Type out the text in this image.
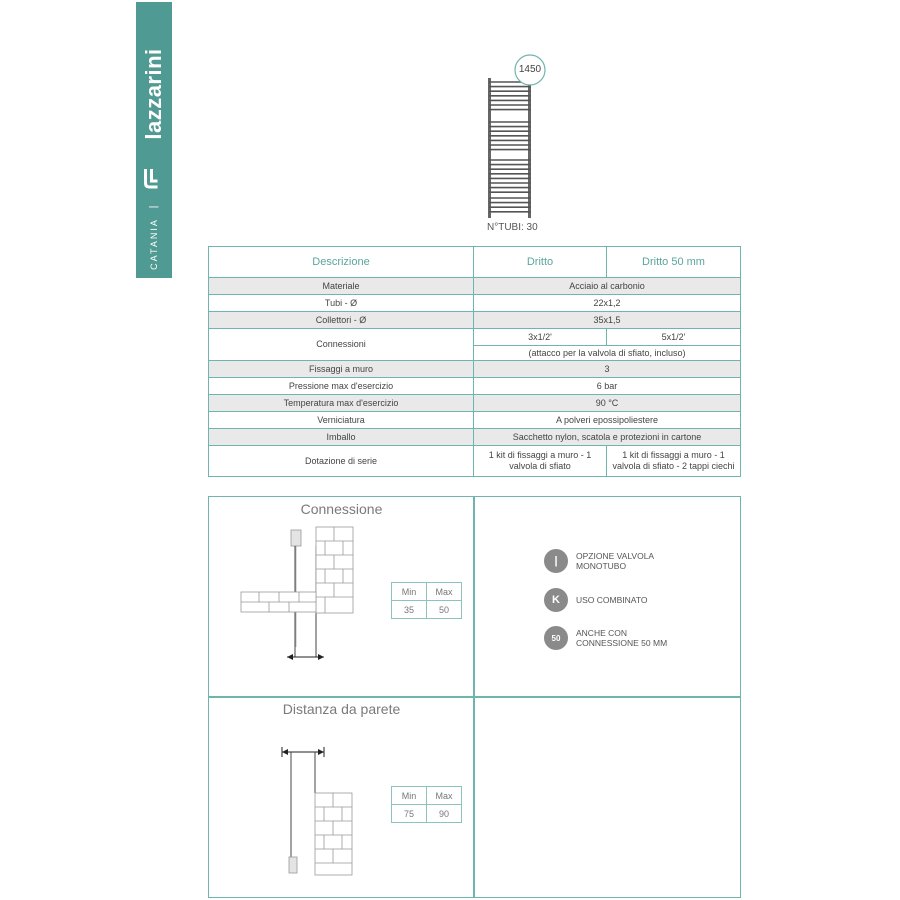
lazzarini
|
CATANIA
1450
N°TUBI: 30
Descrizione	Dritto	Dritto 50 mm
Materiale	Acciaio al carbonio	
Tubi - Ø	22x1,2	
Collettori - Ø	35x1,5	
Connessioni	3x1/2'	5x1/2'
	(attacco per la valvola di sfiato, incluso)	
Fissaggi a muro	3	
Pressione max d'esercizio	6 bar	
Temperatura max d'esercizio	90 °C	
Verniciatura	A polveri epossipoliestere	
Imballo	Sacchetto nylon, scatola e protezioni in cartone	
Dotazione di serie	1 kit di fissaggi a muro - 1 valvola di sfiato	1 kit di fissaggi a muro - 1 valvola di sfiato - 2 tappi ciechi
Connessione
Min	Max
35	50
|	OPZIONE VALVOLA MONOTUBO
K	USO COMBINATO
50	ANCHE CON CONNESSIONE 50 MM
Distanza da parete
Min	Max
75	90
